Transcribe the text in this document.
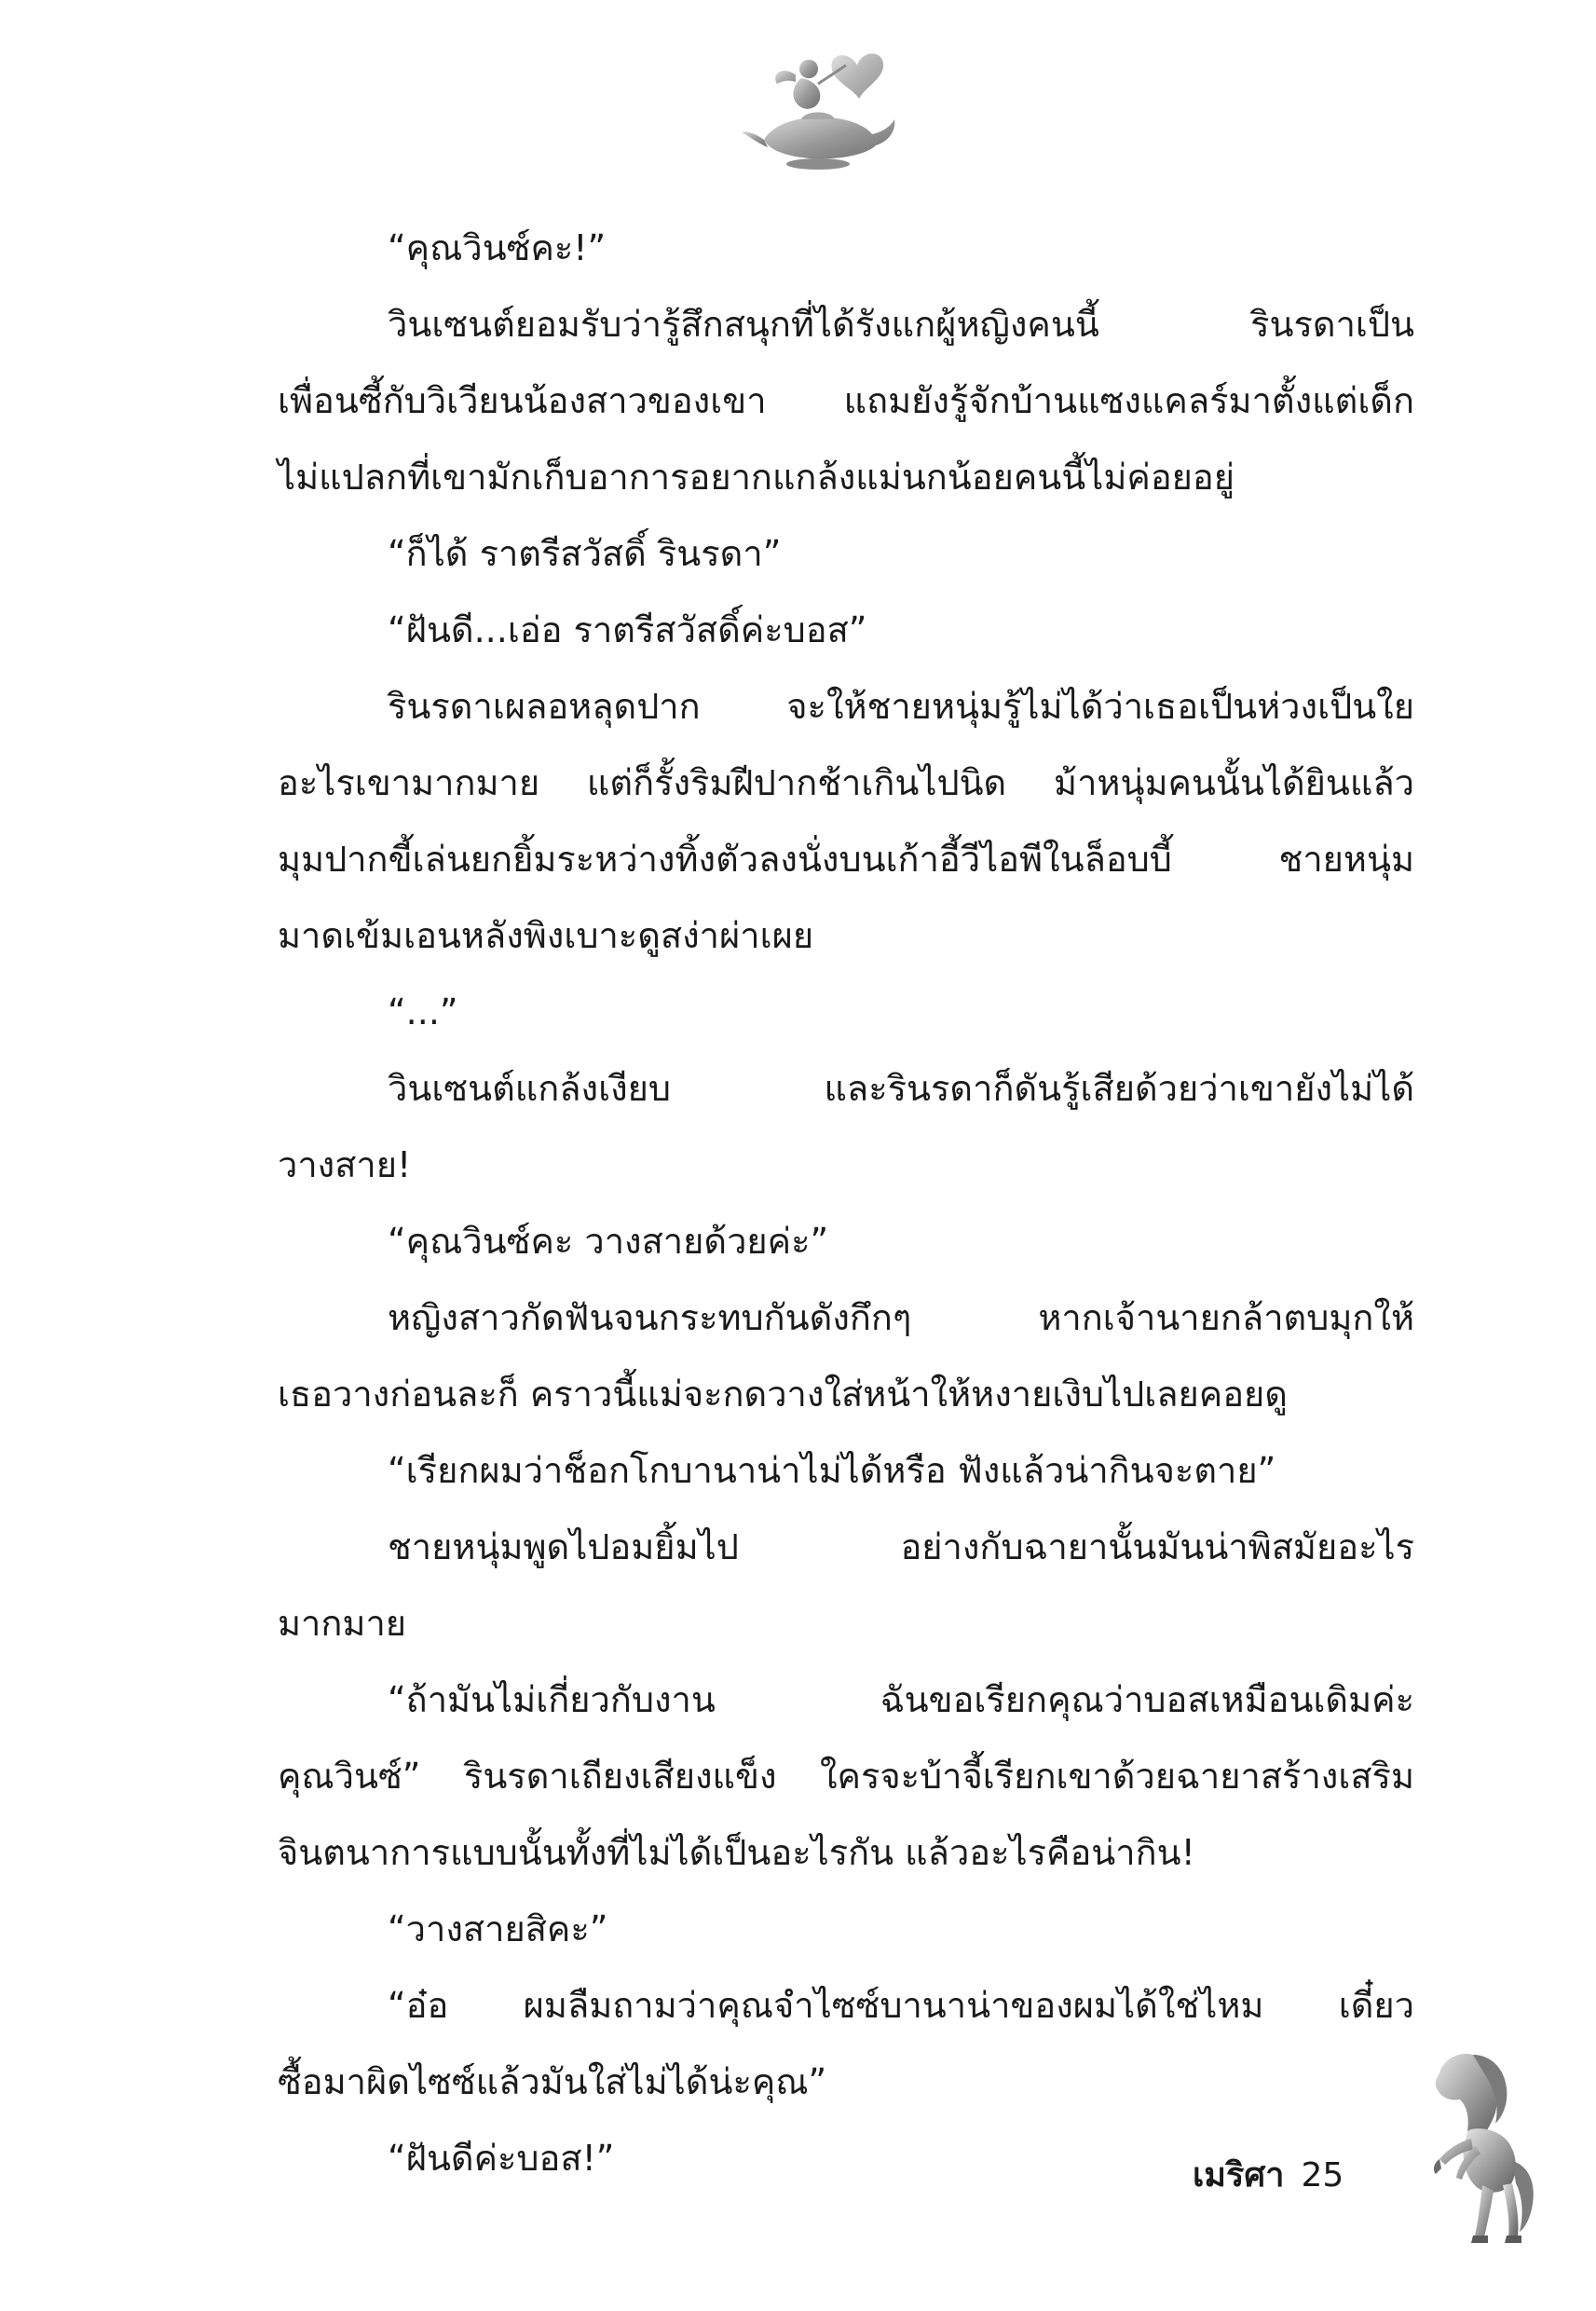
“คุณวินซ์คะ!”
วินเซนต์ยอมรับว่ารู้สึกสนุกที่ได้รังแกผู้หญิงคนนี้ รินรดาเป็น
เพื่อนซี้กับวิเวียนน้องสาวของเขา แถมยังรู้จักบ้านแซงแคลร์มาตั้งแต่เด็ก
ไม่แปลกที่เขามักเก็บอาการอยากแกล้งแม่นกน้อยคนนี้ไม่ค่อยอยู่
“ก็ได้ ราตรีสวัสดิ์ รินรดา”
“ฝันดี...เอ่อ ราตรีสวัสดิ์ค่ะบอส”
รินรดาเผลอหลุดปาก จะให้ชายหนุ่มรู้ไม่ได้ว่าเธอเป็นห่วงเป็นใย
อะไรเขามากมาย แต่ก็รั้งริมฝีปากช้าเกินไปนิด ม้าหนุ่มคนนั้นได้ยินแล้ว
มุมปากขี้เล่นยกยิ้มระหว่างทิ้งตัวลงนั่งบนเก้าอี้วีไอพีในล็อบบี้ ชายหนุ่ม
มาดเข้มเอนหลังพิงเบาะดูสง่าผ่าเผย
“...”
วินเซนต์แกล้งเงียบ และรินรดาก็ดันรู้เสียด้วยว่าเขายังไม่ได้
วางสาย!
“คุณวินซ์คะ วางสายด้วยค่ะ”
หญิงสาวกัดฟันจนกระทบกันดังกึกๆ หากเจ้านายกล้าตบมุกให้
เธอวางก่อนละก็ คราวนี้แม่จะกดวางใส่หน้าให้หงายเงิบไปเลยคอยดู
“เรียกผมว่าช็อกโกบานาน่าไม่ได้หรือ ฟังแล้วน่ากินจะตาย”
ชายหนุ่มพูดไปอมยิ้มไป อย่างกับฉายานั้นมันน่าพิสมัยอะไร
มากมาย
“ถ้ามันไม่เกี่ยวกับงาน ฉันขอเรียกคุณว่าบอสเหมือนเดิมค่ะ
คุณวินซ์” รินรดาเถียงเสียงแข็ง ใครจะบ้าจี้เรียกเขาด้วยฉายาสร้างเสริม
จินตนาการแบบนั้นทั้งที่ไม่ได้เป็นอะไรกัน แล้วอะไรคือน่ากิน!
“วางสายสิคะ”
“อ๋อ ผมลืมถามว่าคุณจำไซซ์บานาน่าของผมได้ใช่ไหม เดี๋ยว
ซื้อมาผิดไซซ์แล้วมันใส่ไม่ได้น่ะคุณ”
“ฝันดีค่ะบอส!”	เมริศา 25
